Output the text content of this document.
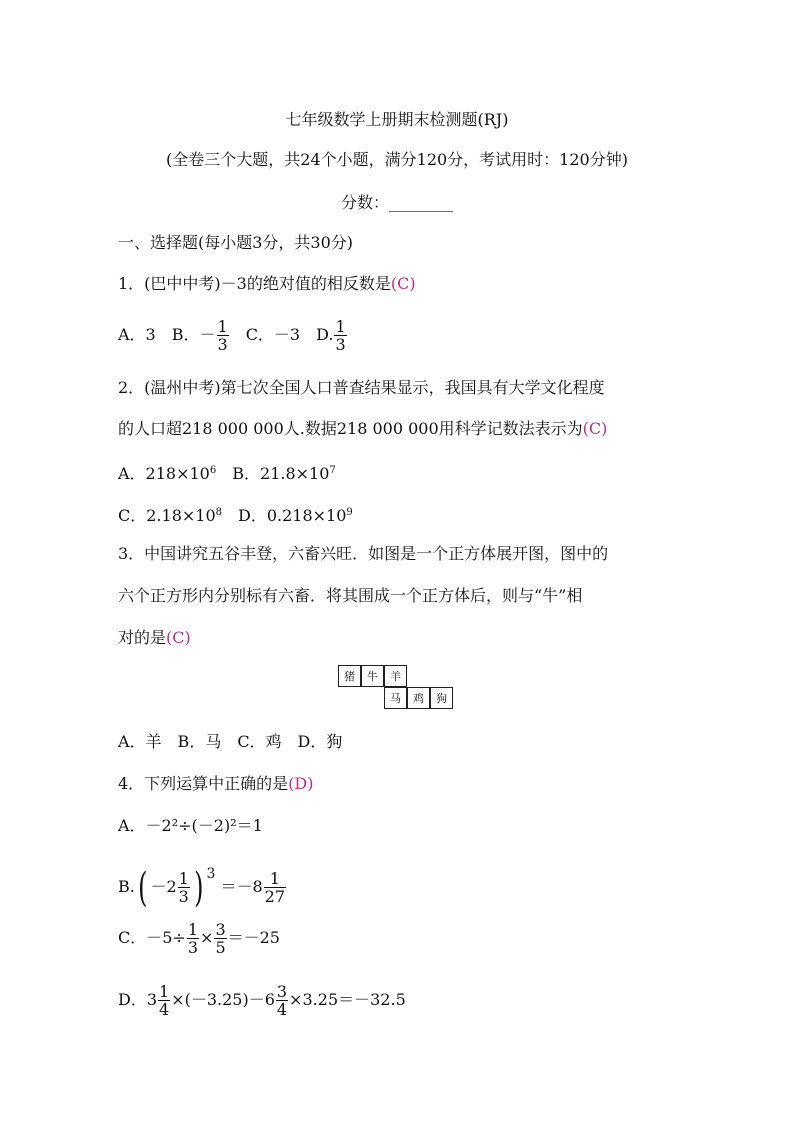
七年级数学上册期末检测题(RJ)
(全卷三个大题，共24个小题，满分120分，考试用时：120分钟)
分数：________
一、选择题(每小题3分，共30分)
1．(巴中中考)－3的绝对值的相反数是(C)
A．3　B．－ $\frac{1}{3}$ 　C．－3　D. $\frac{1}{3}$
2．(温州中考)第七次全国人口普查结果显示，我国具有大学文化程度
的人口超218 000 000人.数据218 000 000用科学记数法表示为(C)
A．$218\times 10^6$　B．$21.8\times 10^7$
C．$2.18\times 10^8$　D．$0.218\times 10^9$
3．中国讲究五谷丰登，六畜兴旺．如图是一个正方体展开图，图中的
六个正方形内分别标有六畜．将其围成一个正方体后，则与“牛”相
对的是(C)
猪	牛	羊
马	鸡	狗
A．羊　B．马　C．鸡　D．狗
4．下列运算中正确的是(D)
A．－2²÷(－2)²＝1
$B.( -2 \frac{1}{3}$ ) $^3 =-8 \frac{1}{27}$
C．$-5\div \frac{1}{3} \times \frac{3}{5} =-25$
D．$3 \frac{1}{4} \times(-3.25)-6 \frac{3}{4} \times 3.25=-32.5$
